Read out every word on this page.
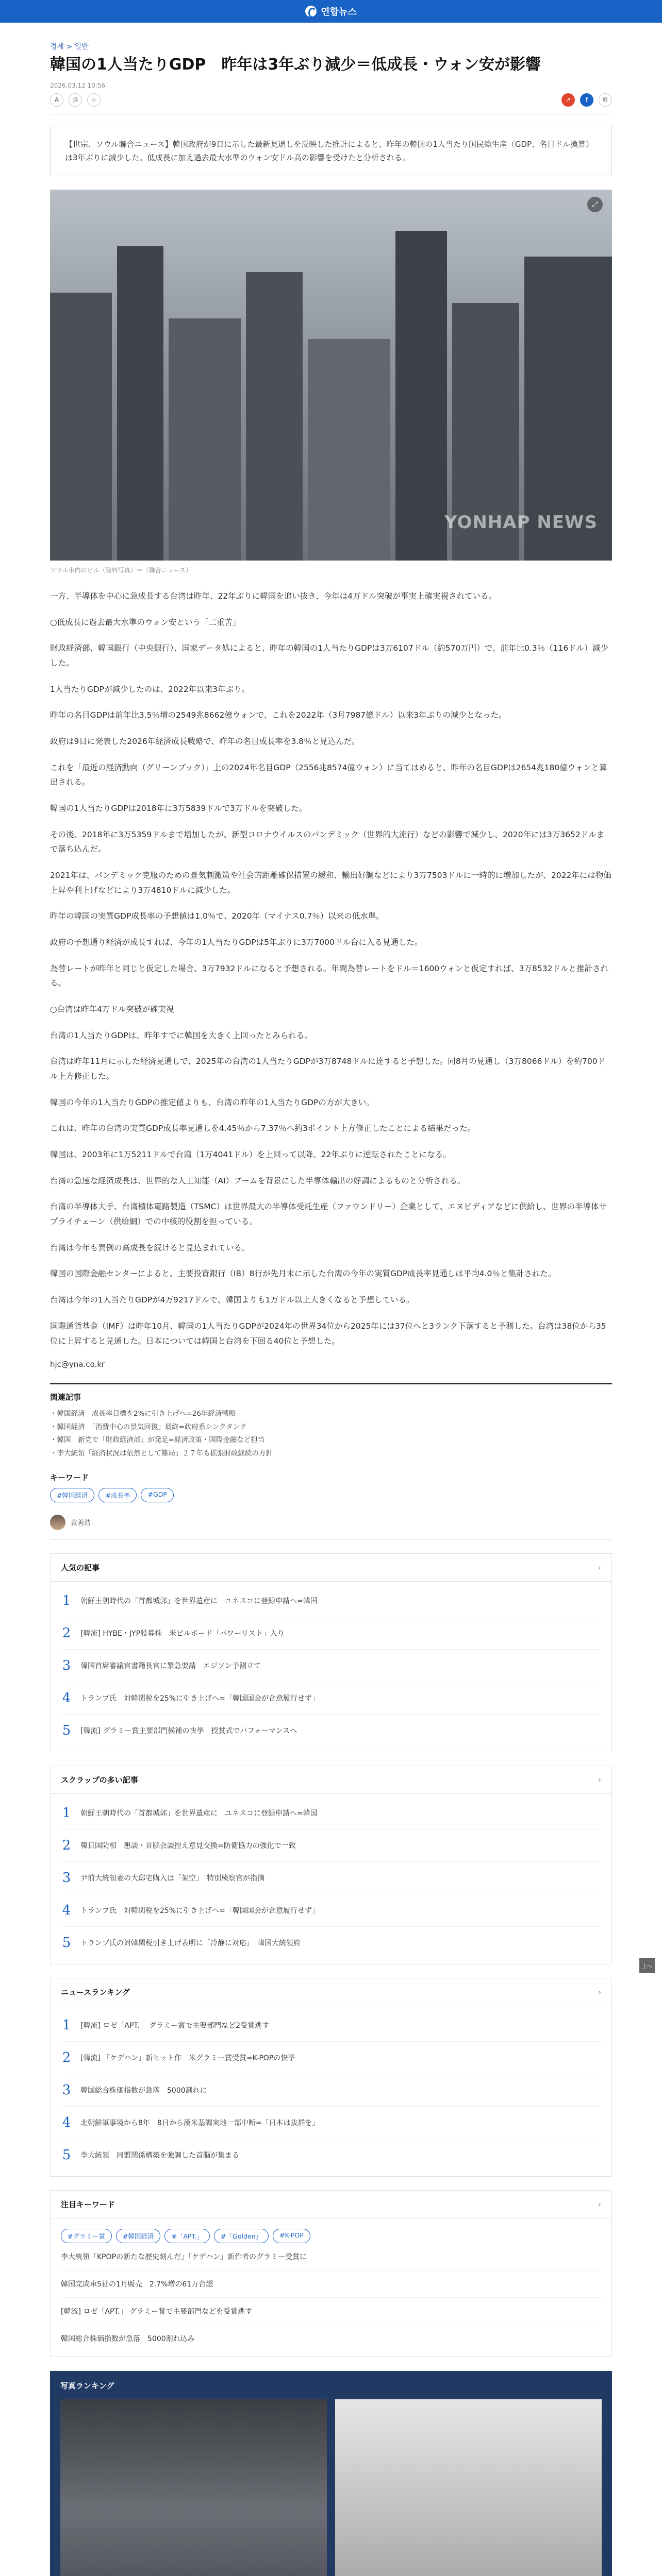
연합뉴스
경제 > 일반
韓国の1人当たりGDP　昨年は3年ぶり減少＝低成長・ウォン安が影響
2026.03.12 10:56
A	⎙	☆	↗	f	⧉
【世宗、ソウル聯合ニュース】韓国政府が9日に示した最新見通しを反映した推計によると、昨年の韓国の1人当たり国民総生産（GDP、名目ドル換算）は3年ぶりに減少した。低成長に加え過去最大水準のウォン安ドル高の影響を受けたと分析される。
⤢
YONHAP NEWS
ソウル市内のビル（資料写真）＝（聯合ニュース）

一方、半導体を中心に急成長する台湾は昨年、22年ぶりに韓国を追い抜き、今年は4万ドル突破が事実上確実視されている。

○低成長に過去最大水準のウォン安という「二重苦」

財政経済部、韓国銀行（中央銀行）、国家データ処によると、昨年の韓国の1人当たりGDPは3万6107ドル（約570万円）で、前年比0.3％（116ドル）減少した。

1人当たりGDPが減少したのは、2022年以来3年ぶり。

昨年の名目GDPは前年比3.5％増の2549兆8662億ウォンで、これを2022年（3月7987億ドル）以来3年ぶりの減少となった。

政府は9日に発表した2026年経済成長戦略で、昨年の名目成長率を3.8％と見込んだ。

これを「最近の経済動向（グリーンブック）」上の2024年名目GDP（2556兆8574億ウォン）に当てはめると、昨年の名目GDPは2654兆180億ウォンと算出される。

韓国の1人当たりGDPは2018年に3万5839ドルで3万ドルを突破した。

その後、2018年に3万5359ドルまで増加したが、新型コロナウイルスのパンデミック（世界的大流行）などの影響で減少し、2020年には3万3652ドルまで落ち込んだ。

2021年は、パンデミック克服のための景気刺激策や社会的距離確保措置の緩和、輸出好調などにより3万7503ドルに一時的に増加したが、2022年には物価上昇や利上げなどにより3万4810ドルに減少した。

昨年の韓国の実質GDP成長率の予想値は1.0％で、2020年（マイナス0.7％）以来の低水準。

政府の予想通り経済が成長すれば、今年の1人当たりGDPは5年ぶりに3万7000ドル台に入る見通した。

為替レートが昨年と同じと仮定した場合、3万7932ドルになると予想される。年間為替レートをドル＝1600ウォンと仮定すれば、3万8532ドルと推計される。

○台湾は昨年4万ドル突破が確実視

台湾の1人当たりGDPは、昨年すでに韓国を大きく上回ったとみられる。

台湾は昨年11月に示した経済見通しで、2025年の台湾の1人当たりGDPが3万8748ドルに達すると予想した。同8月の見通し（3万8066ドル）を約700ドル上方修正した。

韓国の今年の1人当たりGDPの推定値よりも、台湾の昨年の1人当たりGDPの方が大きい。

これは、昨年の台湾の実質GDP成長率見通しを4.45％から7.37％へ約3ポイント上方修正したことによる結果だった。

韓国は、2003年に1万5211ドルで台湾（1万4041ドル）を上回って以降、22年ぶりに逆転されたことになる。

台湾の急速な経済成長は、世界的な人工知能（AI）ブームを背景にした半導体輸出の好調によるものと分析される。

台湾の半導体大手、台湾積体電路製造（TSMC）は世界最大の半導体受託生産（ファウンドリー）企業として、エヌビディアなどに供給し、世界の半導体サプライチェーン（供給網）での中核的役割を担っている。

台湾は今年も異例の高成長を続けると見込まれている。

韓国の国際金融センターによると、主要投資銀行（IB）8行が先月末に示した台湾の今年の実質GDP成長率見通しは平均4.0％と集計された。

台湾は今年の1人当たりGDPが4万9217ドルで、韓国よりも1万ドル以上大きくなると予想している。

国際通貨基金（IMF）は昨年10月、韓国の1人当たりGDPが2024年の世界34位から2025年には37位へと3ランク下落すると予測した。台湾は38位から35位に上昇すると見通した。日本については韓国と台湾を下回る40位と予想した。

hjc@yna.co.kr
関連記事
・韓国経済　成長率目標を2%に引き上げへ=26年経済戦略
・韓国経済　「消費中心の景気回復」最終=政府系シンクタンク
・韓国　新党で「財政経済部」が発足=経済政策・国際金融など担当
・李大統領「経済状況は依然として難局」２７年も拡張財政継続の方針
キーワード
#韓国経済	#成長率	#GDP
黄善浩
人気の記事	›
1 朝鮮王朝時代の「首都城郭」を世界遺産に　ユネスコに登録申請へ=韓国
2 [韓流] HYBE・JYP股募株　米ビルボード「パワーリスト」入り
3 韓国首席審議官書籍長官に緊急要請　エジソン予測立て
4 トランプ氏　対韓関税を25%に引き上げへ=「韓国国会が合意履行せず」
5 [韓流] グラミー賞主要部門候補の快挙　授賞式でパフォーマンスへ
スクラップの多い記事	›
1 朝鮮王朝時代の「首都城郭」を世界遺産に　ユネスコに登録申請へ=韓国
2 韓日国防相　懇談・首脳会談控え意見交換=防衛協力の強化で一致
3 尹前大統領妻の大邸宅購入は「架空」　特別検察官が指摘
4 トランプ氏　対韓関税を25%に引き上げへ=「韓国国会が合意履行せず」
5 トランプ氏の対韓関税引き上げ表明に「冷静に対応」　韓国大統領府
ニュースランキング	›
1 [韓流] ロゼ「APT.」 グラミー賞で主要部門など2受賞逃す
2 [韓流] 「ケデハン」新ヒット作　米グラミー賞受賞=K-POPの快挙
3 韓国総合株価指数が急落　5000割れに
4 北朝鮮軍事境から8年　8日から漢米基調実地一部中断=「日本は抜群を」
5 李大統領　同盟関係構築を強調した首脳が集まる
注目キーワード	›
#グラミー賞	#韓国経済	#「APT.」	#「Golden」	#K-POP
李大統領「KPOPの新たな歴史刻んだ」「ケデハン」新作者のグラミー受賞に
韓国完成車5社の1月販売　2.7%増の61万台超
[韓流] ロゼ「APT.」 グラミー賞で主要部門などを受賞逃す
韓国総合株価指数が急落　5000割れ込み
写真ランキング
上へ
